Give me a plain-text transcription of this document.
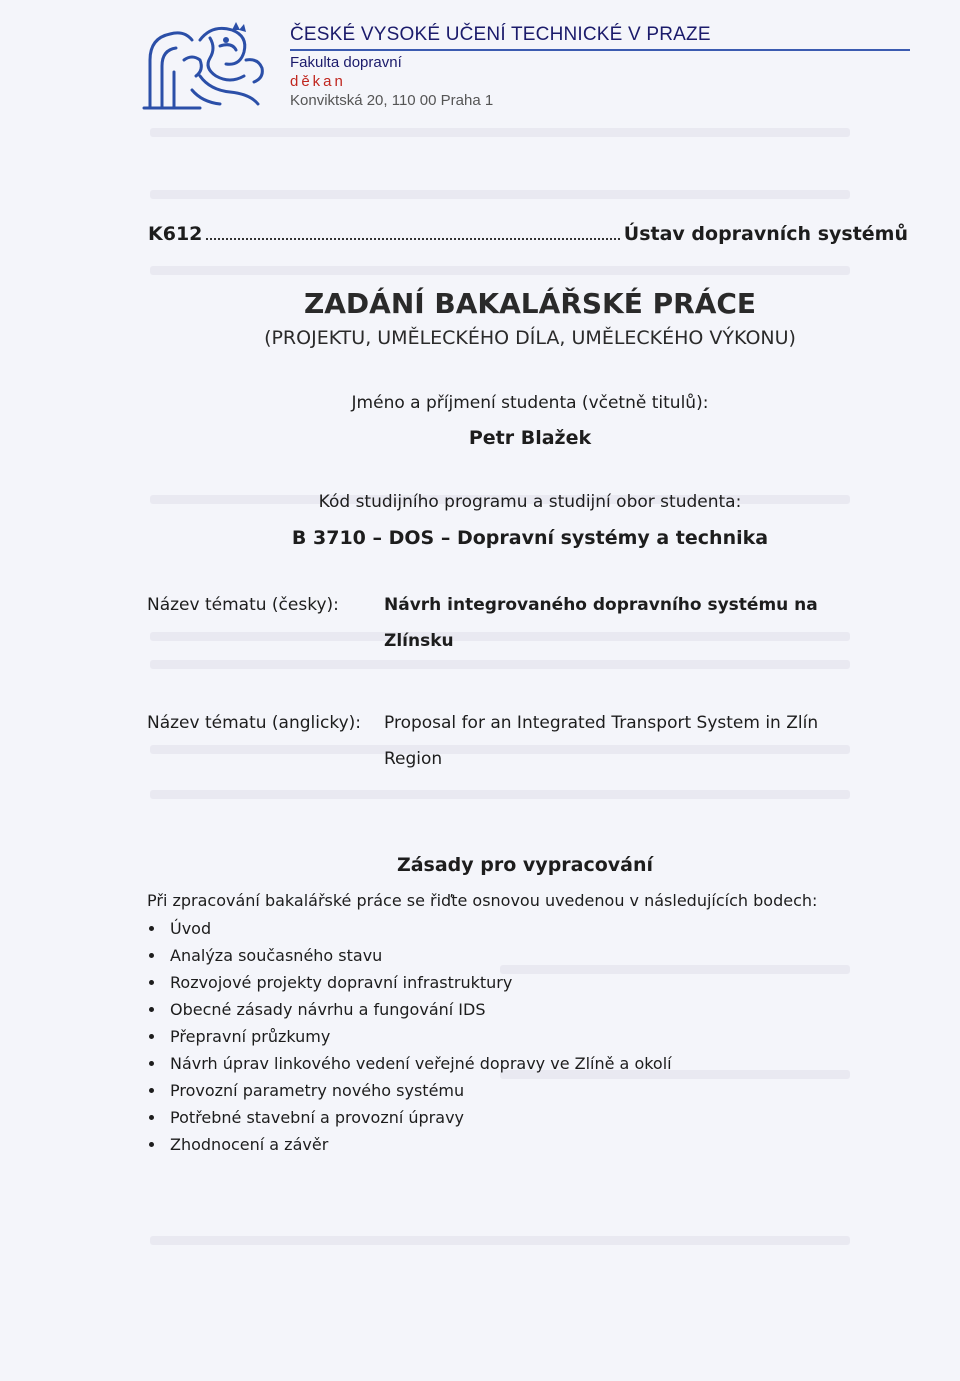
ČESKÉ VYSOKÉ UČENÍ TECHNICKÉ V PRAZE
Fakulta dopravní
děkan
Konviktská 20, 110 00 Praha 1
K612	Ústav dopravních systémů
ZADÁNÍ BAKALÁŘSKÉ PRÁCE
(PROJEKTU, UMĚLECKÉHO DÍLA, UMĚLECKÉHO VÝKONU)
Jméno a příjmení studenta (včetně titulů):
Petr Blažek
Kód studijního programu a studijní obor studenta:
B 3710 – DOS – Dopravní systémy a technika
Název tématu (česky):	Návrh integrovaného dopravního systému na Zlínsku
Název tématu (anglicky): Proposal for an Integrated Transport System in Zlín Region
Zásady pro vypracování
Při zpracování bakalářské práce se řiďte osnovou uvedenou v následujících bodech:
Úvod
Analýza současného stavu
Rozvojové projekty dopravní infrastruktury
Obecné zásady návrhu a fungování IDS
Přepravní průzkumy
Návrh úprav linkového vedení veřejné dopravy ve Zlíně a okolí
Provozní parametry nového systému
Potřebné stavební a provozní úpravy
Zhodnocení a závěr
